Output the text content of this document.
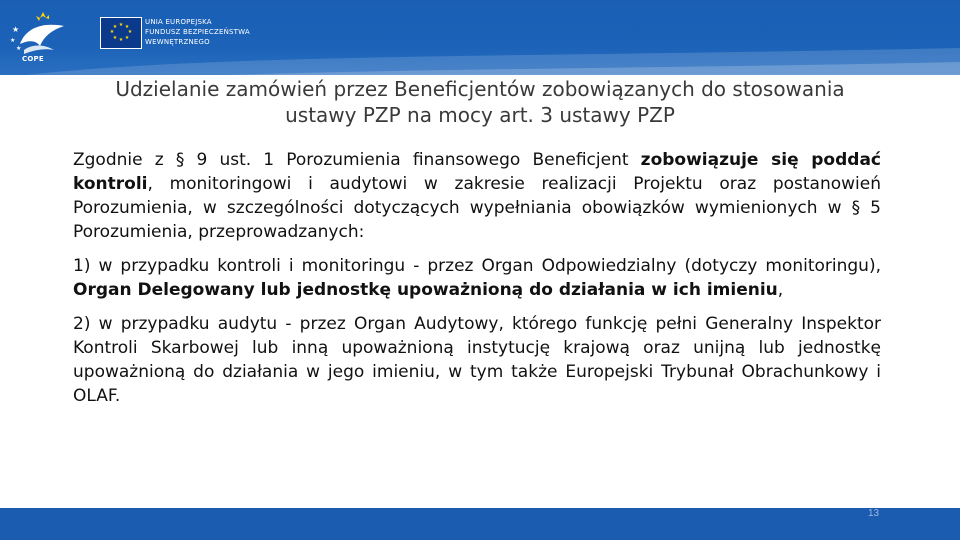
★
★
★
COPE
★ ★
★
★
★
★
★
★
UNIA EUROPEJSKA
FUNDUSZ BEZPIECZEŃSTWA
WEWNĘTRZNEGO
Udzielanie zamówień przez Beneficjentów zobowiązanych do stosowania
ustawy PZP na mocy art. 3 ustawy PZP

Zgodnie z § 9 ust. 1 Porozumienia finansowego Beneficjent zobowiązuje się poddać kontroli, monitoringowi i audytowi w zakresie realizacji Projektu oraz postanowień Porozumienia, w szczególności dotyczących wypełniania obowiązków wymienionych w § 5 Porozumienia, przeprowadzanych:

1) w przypadku kontroli i monitoringu - przez Organ Odpowiedzialny (dotyczy monitoringu), Organ Delegowany lub jednostkę upoważnioną do działania w ich imieniu,

2) w przypadku audytu - przez Organ Audytowy, którego funkcję pełni Generalny Inspektor Kontroli Skarbowej lub inną upoważnioną instytucję krajową oraz unijną lub jednostkę upoważnioną do działania w jego imieniu, w tym także Europejski Trybunał Obrachunkowy i OLAF.

13
